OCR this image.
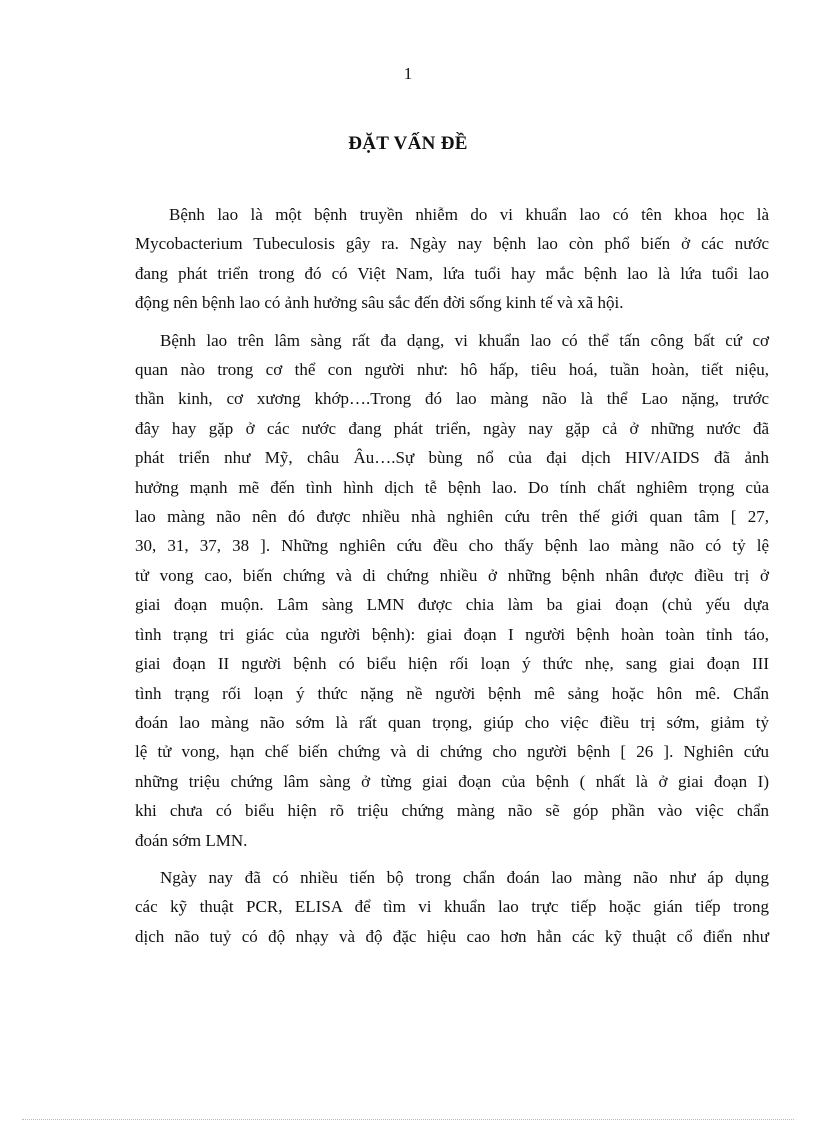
1
ĐẶT VẤN ĐỀ

Bệnh lao là một bệnh truyền nhiễm do vi khuẩn lao có tên khoa học là
Mycobacterium Tubeculosis gây ra. Ngày nay bệnh lao còn phổ biến ở các nước
đang phát triển trong đó có Việt Nam, lứa tuổi hay mắc bệnh lao là lứa tuổi lao
động nên bệnh lao có ảnh hưởng sâu sắc đến đời sống kinh tế và xã hội.

Bệnh lao trên lâm sàng rất đa dạng, vi khuẩn lao có thể tấn công bất cứ cơ
quan nào trong cơ thể con người như: hô hấp, tiêu hoá, tuần hoàn, tiết niệu,
thần kinh, cơ xương khớp….Trong đó lao màng não là thể Lao nặng, trước
đây hay gặp ở các nước đang phát triển, ngày nay gặp cả ở những nước đã
phát triển như Mỹ, châu Âu….Sự bùng nổ của đại dịch HIV/AIDS đã ảnh
hưởng mạnh mẽ đến tình hình dịch tễ bệnh lao. Do tính chất nghiêm trọng của
lao màng não nên đó được nhiều nhà nghiên cứu trên thế giới quan tâm [ 27,
30, 31, 37, 38 ]. Những nghiên cứu đều cho thấy bệnh lao màng não có tỷ lệ
tử vong cao, biến chứng và di chứng nhiều ở những bệnh nhân được điều trị ở
giai đoạn muộn. Lâm sàng LMN được chia làm ba giai đoạn (chủ yếu dựa
tình trạng tri giác của người bệnh): giai đoạn I người bệnh hoàn toàn tỉnh táo,
giai đoạn II người bệnh có biểu hiện rối loạn ý thức nhẹ, sang giai đoạn III
tình trạng rối loạn ý thức nặng nề người bệnh mê sảng hoặc hôn mê. Chẩn
đoán lao màng não sớm là rất quan trọng, giúp cho việc điều trị sớm, giảm tỷ
lệ tử vong, hạn chế biến chứng và di chứng cho người bệnh [ 26 ]. Nghiên cứu
những triệu chứng lâm sàng ở từng giai đoạn của bệnh ( nhất là ở giai đoạn I)
khi chưa có biểu hiện rõ triệu chứng màng não sẽ góp phần vào việc chẩn
đoán sớm LMN.

Ngày nay đã có nhiều tiến bộ trong chẩn đoán lao màng não như áp dụng
các kỹ thuật PCR, ELISA để tìm vi khuẩn lao trực tiếp hoặc gián tiếp trong
dịch não tuỷ có độ nhạy và độ đặc hiệu cao hơn hẳn các kỹ thuật cổ điển như
